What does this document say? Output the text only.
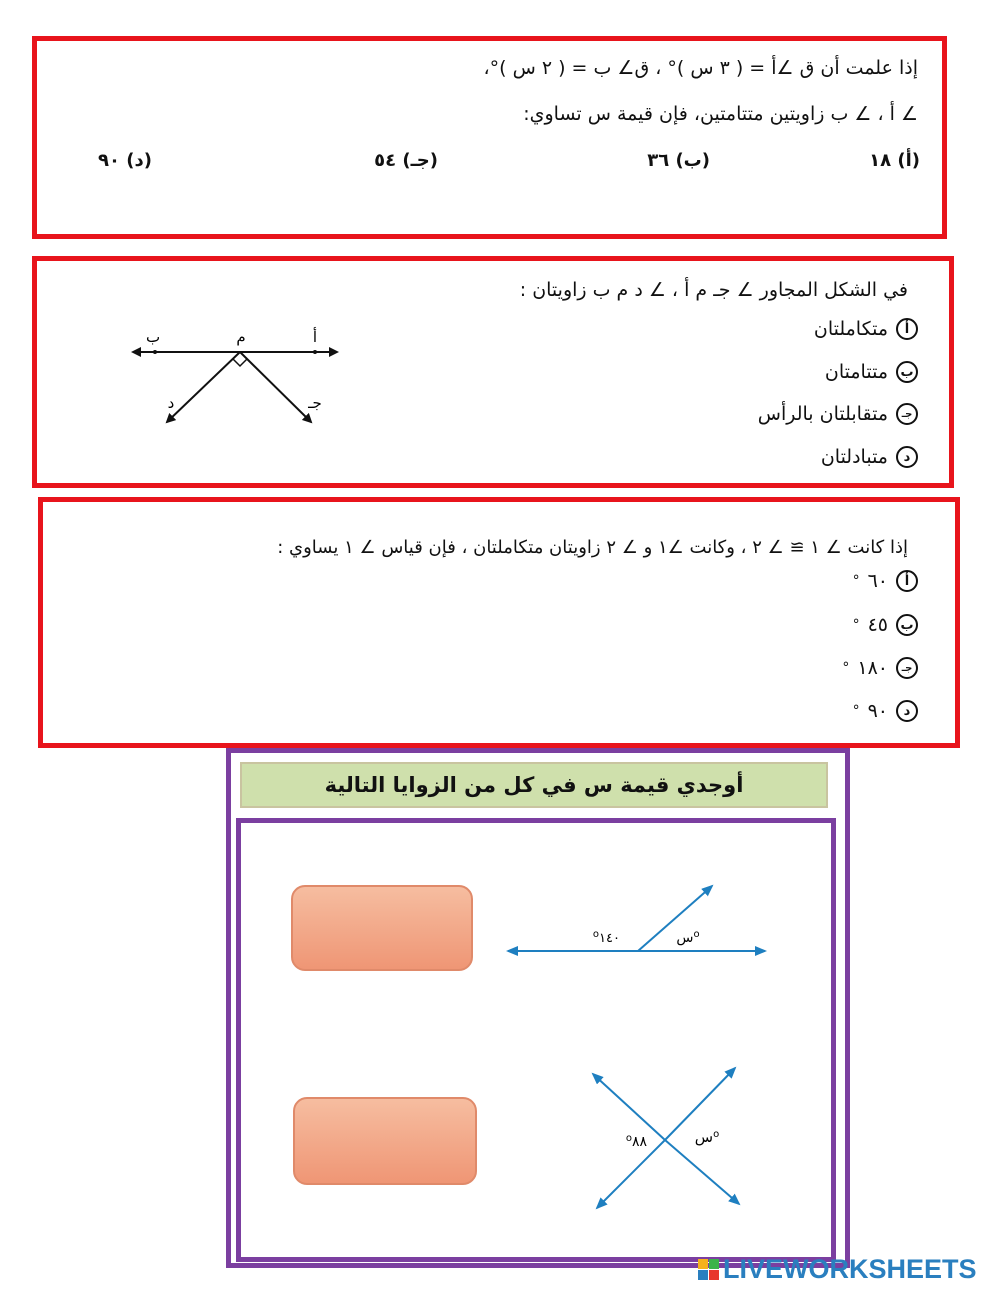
إذا علمت أن ق ∠أ = ( ٣ س )° ، ق∠ ب = ( ٢ س )°،
∠ أ ، ∠ ب زاويتين متتامتين، فإن قيمة س تساوي:
(أ) ١٨
(ب) ٣٦
(جـ) ٥٤
(د) ٩٠
في الشكل المجاور ∠ جـ م أ ، ∠ د م ب زاويتان :
أ
متكاملتان
ب
متتامتان
جـ
متقابلتان بالرأس
د
متبادلتان
ب	م	أ
د	جـ
إذا كانت ∠ ١ ≅ ∠ ٢ ، وكانت ∠١ و ∠ ٢ زاويتان متكاملتان ، فإن قياس ∠ ١ يساوي :
أ
٦٠
°
ب
٤٥
°
جـ
١٨٠
°
د
٩٠
°
أوجدي قيمة س في كل من الزوايا التالية
$^o$١٤٠	س$^o$
$^o$٨٨	س$^o$
LIVEWORKSHEETS
